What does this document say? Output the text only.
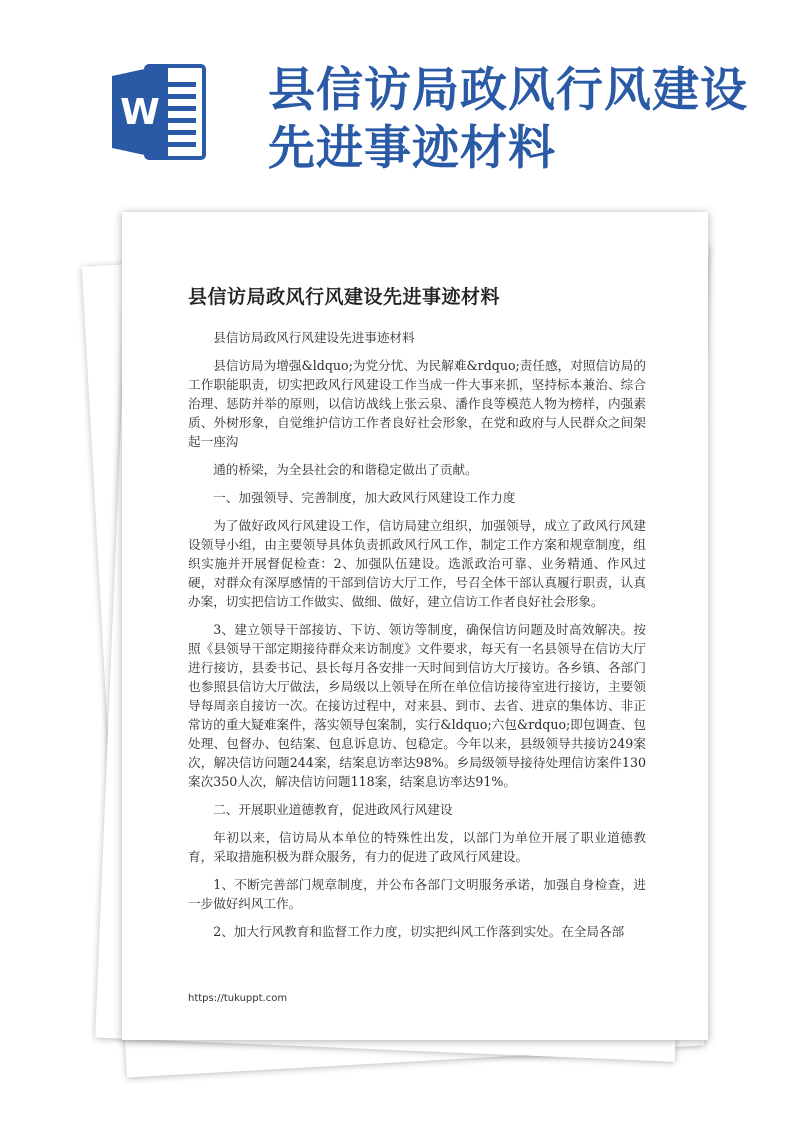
W 县信访局政风行风建设
先进事迹材料
县信访局政风行风建设先进事迹材料

县信访局政风行风建设先进事迹材料

县信访局为增强&ldquo;为党分忧、为民解难&rdquo;责任感，对照信访局的工作职能职责，切实把政风行风建设工作当成一件大事来抓，坚持标本兼治、综合治理、惩防并举的原则，以信访战线上张云泉、潘作良等模范人物为榜样，内强素质、外树形象，自觉维护信访工作者良好社会形象，在党和政府与人民群众之间架起一座沟

通的桥梁，为全县社会的和谐稳定做出了贡献。

一、加强领导、完善制度，加大政风行风建设工作力度

为了做好政风行风建设工作，信访局建立组织，加强领导，成立了政风行风建设领导小组，由主要领导具体负责抓政风行风工作，制定工作方案和规章制度，组织实施并开展督促检查：2、加强队伍建设。选派政治可靠、业务精通、作风过硬，对群众有深厚感情的干部到信访大厅工作，号召全体干部认真履行职责，认真办案，切实把信访工作做实、做细、做好，建立信访工作者良好社会形象。

3、建立领导干部接访、下访、领访等制度，确保信访问题及时高效解决。按照《县领导干部定期接待群众来访制度》文件要求，每天有一名县领导在信访大厅进行接访，县委书记、县长每月各安排一天时间到信访大厅接访。各乡镇、各部门也参照县信访大厅做法，乡局级以上领导在所在单位信访接待室进行接访，主要领导每周亲自接访一次。在接访过程中，对来县、到市、去省、进京的集体访、非正常访的重大疑难案件，落实领导包案制，实行&ldquo;六包&rdquo;即包调查、包处理、包督办、包结案、包息诉息访、包稳定。今年以来，县级领导共接访249案次，解决信访问题244案，结案息访率达98%。乡局级领导接待处理信访案件130案次350人次，解决信访问题118案，结案息访率达91%。

二、开展职业道德教育，促进政风行风建设

年初以来，信访局从本单位的特殊性出发，以部门为单位开展了职业道德教育，采取措施积极为群众服务，有力的促进了政风行风建设。

1、不断完善部门规章制度，并公布各部门文明服务承诺，加强自身检查，进一步做好纠风工作。

2、加大行风教育和监督工作力度，切实把纠风工作落到实处。在全局各部

https://tukuppt.com
